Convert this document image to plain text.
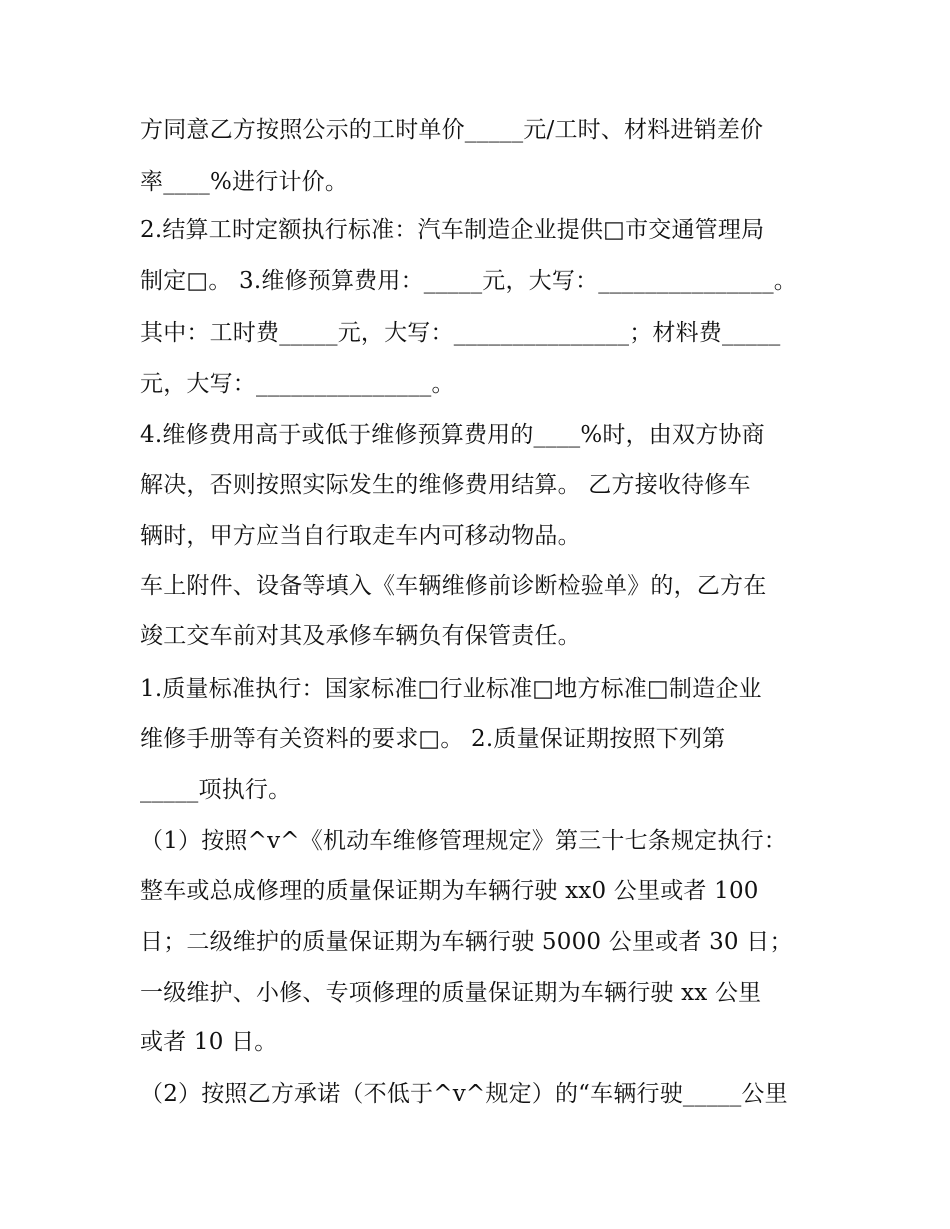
方同意乙方按照公示的工时单价_____元/工时、材料进销差价
率____%进行计价。
2.结算工时定额执行标准：汽车制造企业提供□市交通管理局
制定□。 3.维修预算费用：_____元，大写：_______________。
其中：工时费_____元，大写：_______________；材料费_____
元，大写：_______________。
4.维修费用高于或低于维修预算费用的____%时，由双方协商
解决，否则按照实际发生的维修费用结算。 乙方接收待修车
辆时，甲方应当自行取走车内可移动物品。
车上附件、设备等填入《车辆维修前诊断检验单》的，乙方在
竣工交车前对其及承修车辆负有保管责任。
1.质量标准执行：国家标准□行业标准□地方标准□制造企业
维修手册等有关资料的要求□。 2.质量保证期按照下列第
_____项执行。
（1）按照^v^《机动车维修管理规定》第三十七条规定执行：
整车或总成修理的质量保证期为车辆行驶 xx0 公里或者 100
日；二级维护的质量保证期为车辆行驶 5000 公里或者 30 日；
一级维护、小修、专项修理的质量保证期为车辆行驶 xx 公里
或者 10 日。
（2）按照乙方承诺（不低于^v^规定）的“车辆行驶_____公里
